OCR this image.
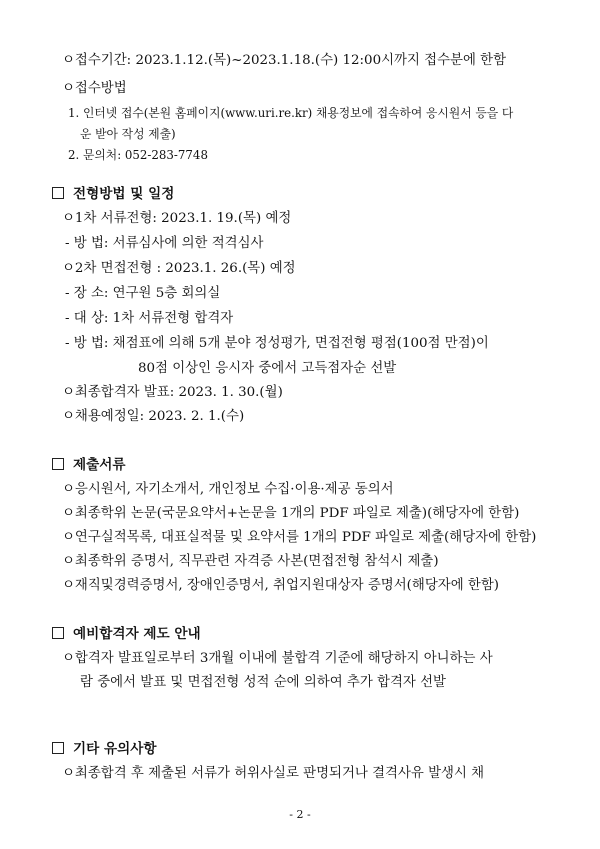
ㅇ접수기간: 2023.1.12.(목)~2023.1.18.(수) 12:00시까지 접수분에 한함
ㅇ접수방법
1. 인터넷 접수(본원 홈페이지(www.uri.re.kr) 채용정보에 접속하여 응시원서 등을 다
운 받아 작성 제출)
2. 문의처: 052-283-7748
전형방법 및 일정
ㅇ1차 서류전형: 2023.1. 19.(목) 예정
- 방 법: 서류심사에 의한 적격심사
ㅇ2차 면접전형 : 2023.1. 26.(목) 예정
- 장 소: 연구원 5층 회의실
- 대 상: 1차 서류전형 합격자
- 방 법: 채점표에 의해 5개 분야 정성평가, 면접전형 평점(100점 만점)이
80점 이상인 응시자 중에서 고득점자순 선발
ㅇ최종합격자 발표: 2023. 1. 30.(월)
ㅇ채용예정일: 2023. 2. 1.(수)
제출서류
ㅇ응시원서, 자기소개서, 개인정보 수집·이용·제공 동의서
ㅇ최종학위 논문(국문요약서+논문을 1개의 PDF 파일로 제출)(해당자에 한함)
ㅇ연구실적목록, 대표실적물 및 요약서를 1개의 PDF 파일로 제출(해당자에 한함)
ㅇ최종학위 증명서, 직무관련 자격증 사본(면접전형 참석시 제출)
ㅇ재직및경력증명서, 장애인증명서, 취업지원대상자 증명서(해당자에 한함)
예비합격자 제도 안내
ㅇ합격자 발표일로부터 3개월 이내에 불합격 기준에 해당하지 아니하는 사
람 중에서 발표 및 면접전형 성적 순에 의하여 추가 합격자 선발
기타 유의사항
ㅇ최종합격 후 제출된 서류가 허위사실로 판명되거나 결격사유 발생시 채
- 2 -
